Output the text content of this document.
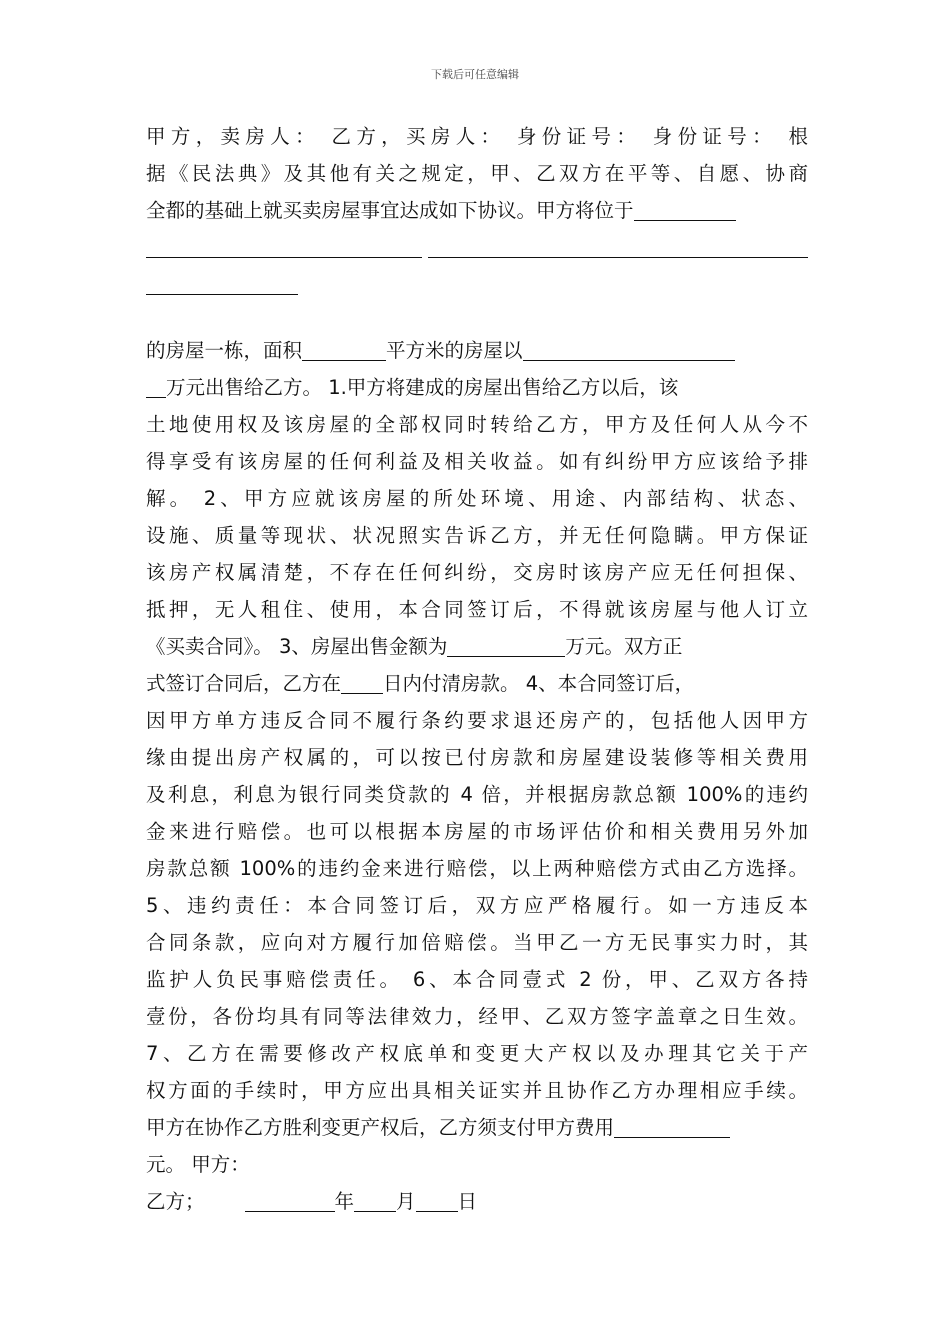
下载后可任意编辑
甲方，卖房人： 乙方，买房人： 身份证号： 身份证号： 根
据《民法典》及其他有关之规定，甲、乙双方在平等、自愿、协商
全都的基础上就买卖房屋事宜达成如下协议。甲方将位于
的房屋一栋，面积	平方米的房屋以
万元出售给乙方。 1.甲方将建成的房屋出售给乙方以后，该
土地使用权及该房屋的全部权同时转给乙方，甲方及任何人从今不
得享受有该房屋的任何利益及相关收益。如有纠纷甲方应该给予排
解。 2、甲方应就该房屋的所处环境、用途、内部结构、状态、
设施、质量等现状、状况照实告诉乙方，并无任何隐瞒。甲方保证
该房产权属清楚，不存在任何纠纷，交房时该房产应无任何担保、
抵押，无人租住、使用，本合同签订后，不得就该房屋与他人订立
《买卖合同》。 3、房屋出售金额为	万元。双方正
式签订合同后，乙方在 日内付清房款。 4、本合同签订后，
因甲方单方违反合同不履行条约要求退还房产的，包括他人因甲方
缘由提出房产权属的，可以按已付房款和房屋建设装修等相关费用
及利息，利息为银行同类贷款的 4 倍，并根据房款总额 100%的违约
金来进行赔偿。也可以根据本房屋的市场评估价和相关费用另外加
房款总额 100%的违约金来进行赔偿，以上两种赔偿方式由乙方选择。
5、违约责任：本合同签订后，双方应严格履行。如一方违反本
合同条款，应向对方履行加倍赔偿。当甲乙一方无民事实力时，其
监护人负民事赔偿责任。 6、本合同壹式 2 份，甲、乙双方各持
壹份，各份均具有同等法律效力，经甲、乙双方签字盖章之日生效。
7、乙方在需要修改产权底单和变更大产权以及办理其它关于产
权方面的手续时，甲方应出具相关证实并且协作乙方办理相应手续。
甲方在协作乙方胜利变更产权后，乙方须支付甲方费用
元。 甲方：
乙方；	年 月 日
